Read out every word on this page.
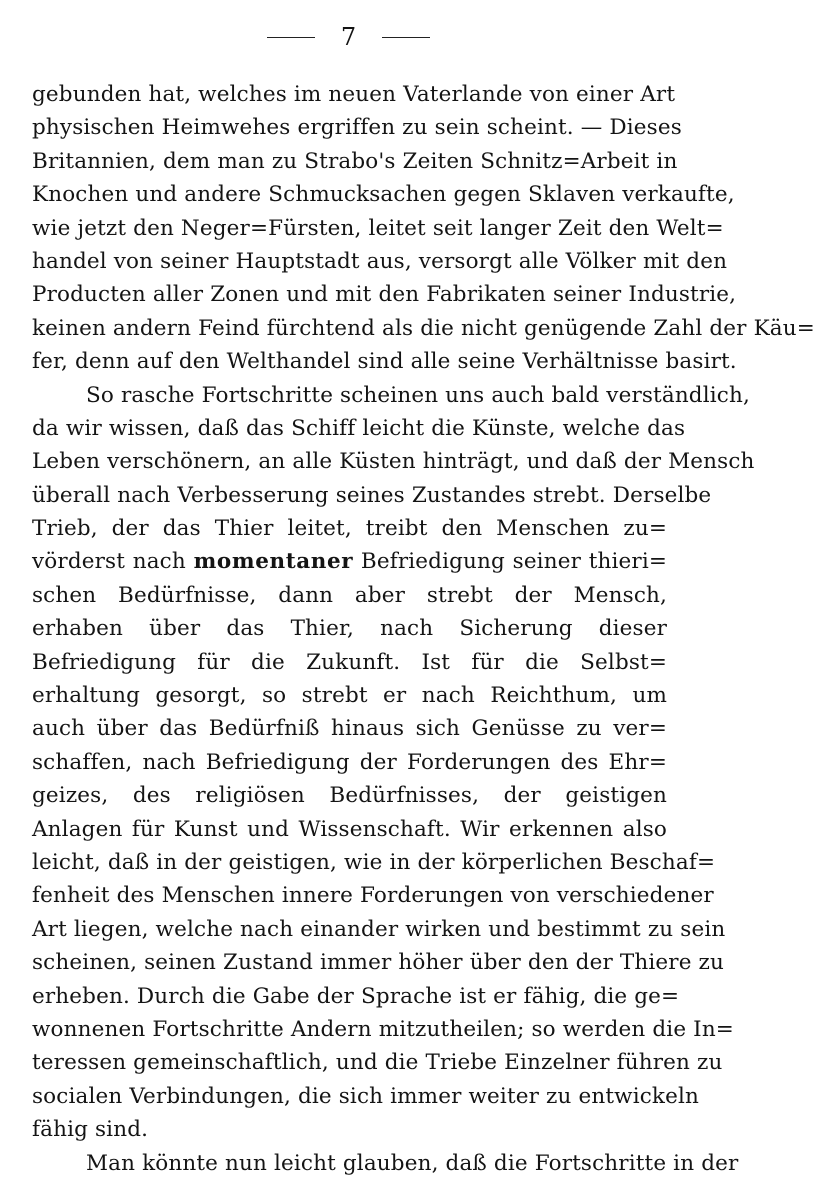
7
gebunden hat, welches im neuen Vaterlande von einer Art
physischen Heimwehes ergriffen zu sein scheint. — Dieses
Britannien, dem man zu Strabo's Zeiten Schnitz=Arbeit in
Knochen und andere Schmucksachen gegen Sklaven verkaufte,
wie jetzt den Neger=Fürsten, leitet seit langer Zeit den Welt=
handel von seiner Hauptstadt aus, versorgt alle Völker mit den
Producten aller Zonen und mit den Fabrikaten seiner Industrie,
keinen andern Feind fürchtend als die nicht genügende Zahl der Käu=
fer, denn auf den Welthandel sind alle seine Verhältnisse basirt.
So rasche Fortschritte scheinen uns auch bald verständlich,
da wir wissen, daß das Schiff leicht die Künste, welche das
Leben verschönern, an alle Küsten hinträgt, und daß der Mensch
überall nach Verbesserung seines Zustandes strebt. Derselbe
Trieb, der das Thier leitet, treibt den Menschen zu=
vörderst nach momentaner Befriedigung seiner thieri=
schen Bedürfnisse, dann aber strebt der Mensch,
erhaben über das Thier, nach Sicherung dieser
Befriedigung für die Zukunft. Ist für die Selbst=
erhaltung gesorgt, so strebt er nach Reichthum, um
auch über das Bedürfniß hinaus sich Genüsse zu ver=
schaffen, nach Befriedigung der Forderungen des Ehr=
geizes, des religiösen Bedürfnisses, der geistigen
Anlagen für Kunst und Wissenschaft. Wir erkennen also
leicht, daß in der geistigen, wie in der körperlichen Beschaf=
fenheit des Menschen innere Forderungen von verschiedener
Art liegen, welche nach einander wirken und bestimmt zu sein
scheinen, seinen Zustand immer höher über den der Thiere zu
erheben. Durch die Gabe der Sprache ist er fähig, die ge=
wonnenen Fortschritte Andern mitzutheilen; so werden die In=
teressen gemeinschaftlich, und die Triebe Einzelner führen zu
socialen Verbindungen, die sich immer weiter zu entwickeln
fähig sind.
Man könnte nun leicht glauben, daß die Fortschritte in der
